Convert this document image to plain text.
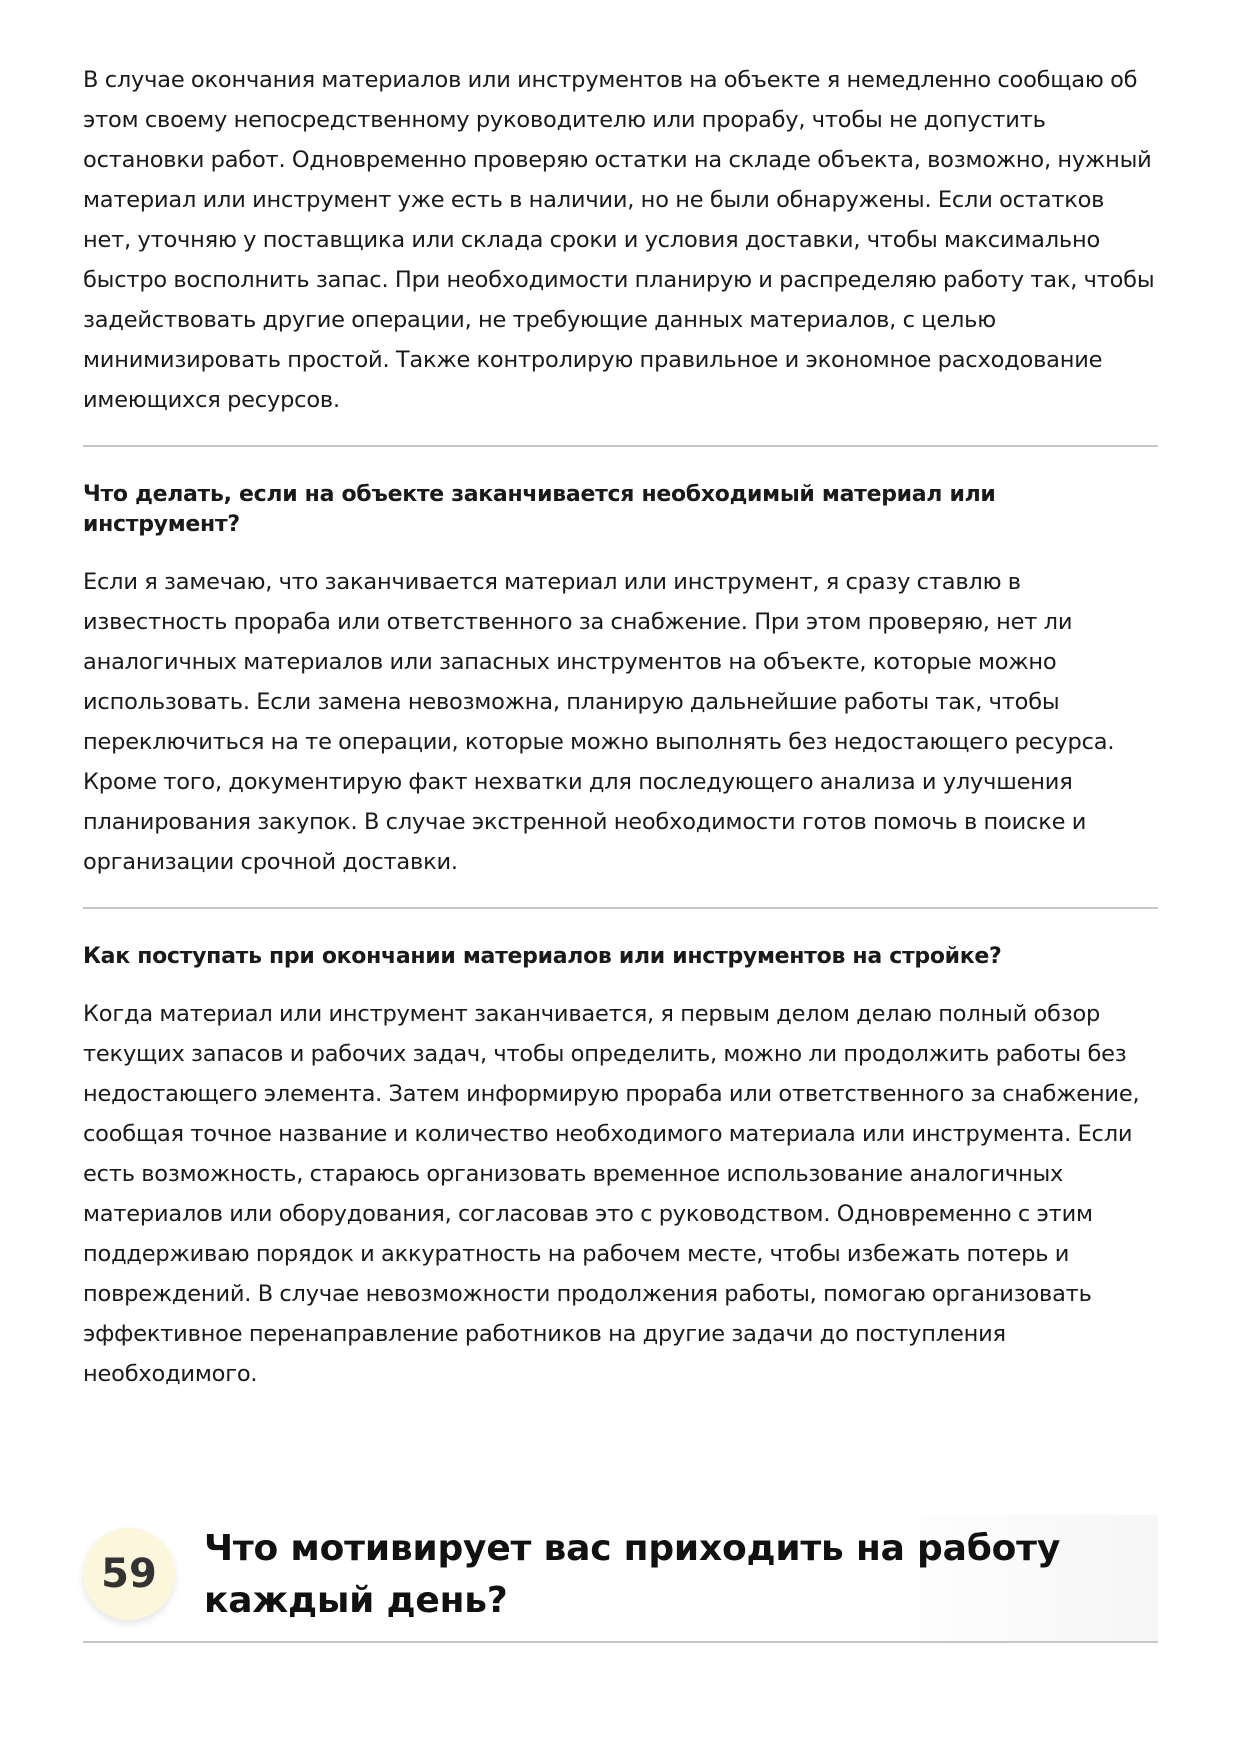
В случае окончания материалов или инструментов на объекте я немедленно сообщаю об этом своему непосредственному руководителю или прорабу, чтобы не допустить остановки работ. Одновременно проверяю остатки на складе объекта, возможно, нужный материал или инструмент уже есть в наличии, но не были обнаружены. Если остатков нет, уточняю у поставщика или склада сроки и условия доставки, чтобы максимально быстро восполнить запас. При необходимости планирую и распределяю работу так, чтобы задействовать другие операции, не требующие данных материалов, с целью минимизировать простой. Также контролирую правильное и экономное расходование имеющихся ресурсов.

Что делать, если на объекте заканчивается необходимый материал или инструмент?

Если я замечаю, что заканчивается материал или инструмент, я сразу ставлю в известность прораба или ответственного за снабжение. При этом проверяю, нет ли аналогичных материалов или запасных инструментов на объекте, которые можно использовать. Если замена невозможна, планирую дальнейшие работы так, чтобы переключиться на те операции, которые можно выполнять без недостающего ресурса. Кроме того, документирую факт нехватки для последующего анализа и улучшения планирования закупок. В случае экстренной необходимости готов помочь в поиске и организации срочной доставки.

Как поступать при окончании материалов или инструментов на стройке?

Когда материал или инструмент заканчивается, я первым делом делаю полный обзор текущих запасов и рабочих задач, чтобы определить, можно ли продолжить работы без недостающего элемента. Затем информирую прораба или ответственного за снабжение, сообщая точное название и количество необходимого материала или инструмента. Если есть возможность, стараюсь организовать временное использование аналогичных материалов или оборудования, согласовав это с руководством. Одновременно с этим поддерживаю порядок и аккуратность на рабочем месте, чтобы избежать потерь и повреждений. В случае невозможности продолжения работы, помогаю организовать эффективное перенаправление работников на другие задачи до поступления необходимого.

59
Что мотивирует вас приходить на работу каждый день?
